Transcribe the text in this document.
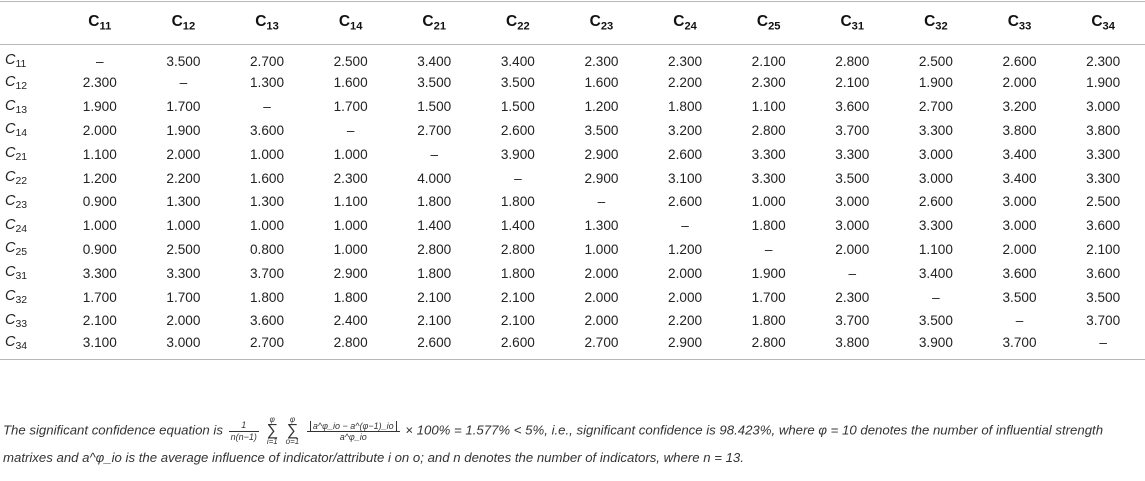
	$C_{11}$	$C_{12}$	$C_{13}$	$C_{14}$	$C_{21}$	$C_{22}$	$C_{23}$	$C_{24}$	$C_{25}$	$C_{31}$	$C_{32}$	$C_{33}$	$C_{34}$
$C_{11}$	–	3.500	2.700	2.500	3.400	3.400	2.300	2.300	2.100	2.800	2.500	2.600	2.300
$C_{12}$	2.300	–	1.300	1.600	3.500	3.500	1.600	2.200	2.300	2.100	1.900	2.000	1.900
$C_{13}$	1.900	1.700	–	1.700	1.500	1.500	1.200	1.800	1.100	3.600	2.700	3.200	3.000
$C_{14}$	2.000	1.900	3.600	–	2.700	2.600	3.500	3.200	2.800	3.700	3.300	3.800	3.800
$C_{21}$	1.100	2.000	1.000	1.000	–	3.900	2.900	2.600	3.300	3.300	3.000	3.400	3.300
$C_{22}$	1.200	2.200	1.600	2.300	4.000	–	2.900	3.100	3.300	3.500	3.000	3.400	3.300
$C_{23}$	0.900	1.300	1.300	1.100	1.800	1.800	–	2.600	1.000	3.000	2.600	3.000	2.500
$C_{24}$	1.000	1.000	1.000	1.000	1.400	1.400	1.300	–	1.800	3.000	3.300	3.000	3.600
$C_{25}$	0.900	2.500	0.800	1.000	2.800	2.800	1.000	1.200	–	2.000	1.100	2.000	2.100
$C_{31}$	3.300	3.300	3.700	2.900	1.800	1.800	2.000	2.000	1.900	–	3.400	3.600	3.600
$C_{32}$	1.700	1.700	1.800	1.800	2.100	2.100	2.000	2.000	1.700	2.300	–	3.500	3.500
$C_{33}$	2.100	2.000	3.600	2.400	2.100	2.100	2.000	2.200	1.800	3.700	3.500	–	3.700
$C_{34}$	3.100	3.000	2.700	2.800	2.600	2.600	2.700	2.900	2.800	3.800	3.900	3.700	–
The significant confidence equation is $\frac{1}{n(n-1)}$ φ
∑
i=1 φ
∑
$o=1 \frac{a\^{}\varphi\_io - a\^{}(\varphi-1)\_io}{a\^{}\varphi\_io} \times 100\% = 1.577\% < 5\%$, i.e., significant confidence is 98.423%, where φ = 10 denotes the number of influential strength
matrixes and a^φ_io is the average influence of indicator/attribute i on o; and n denotes the number of indicators, where n = 13.
